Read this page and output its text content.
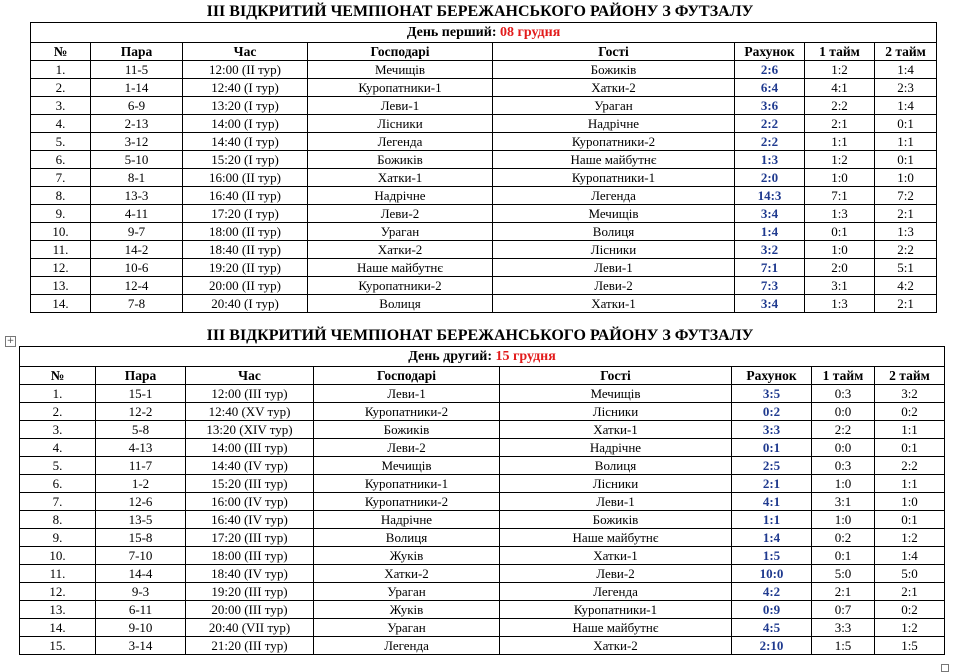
ІІІ ВІДКРИТИЙ ЧЕМПІОНАТ БЕРЕЖАНСЬКОГО РАЙОНУ З ФУТЗАЛУ
День перший: 08 грудня							
№	Пара	Час	Господарі	Гості	Рахунок	1 тайм	2 тайм
1.	11-5	12:00 (II тур)	Мечищів	Божиків	2:6	1:2	1:4
2.	1-14	12:40 (I тур)	Куропатники-1	Хатки-2	6:4	4:1	2:3
3.	6-9	13:20 (I тур)	Леви-1	Ураган	3:6	2:2	1:4
4.	2-13	14:00 (I тур)	Лісники	Надрічне	2:2	2:1	0:1
5.	3-12	14:40 (I тур)	Легенда	Куропатники-2	2:2	1:1	1:1
6.	5-10	15:20 (I тур)	Божиків	Наше майбутнє	1:3	1:2	0:1
7.	8-1	16:00 (II тур)	Хатки-1	Куропатники-1	2:0	1:0	1:0
8.	13-3	16:40 (II тур)	Надрічне	Легенда	14:3	7:1	7:2
9.	4-11	17:20 (I тур)	Леви-2	Мечищів	3:4	1:3	2:1
10.	9-7	18:00 (II тур)	Ураган	Волиця	1:4	0:1	1:3
11.	14-2	18:40 (II тур)	Хатки-2	Лісники	3:2	1:0	2:2
12.	10-6	19:20 (II тур)	Наше майбутнє	Леви-1	7:1	2:0	5:1
13.	12-4	20:00 (II тур)	Куропатники-2	Леви-2	7:3	3:1	4:2
14.	7-8	20:40 (I тур)	Волиця	Хатки-1	3:4	1:3	2:1
+	ІІІ ВІДКРИТИЙ ЧЕМПІОНАТ БЕРЕЖАНСЬКОГО РАЙОНУ З ФУТЗАЛУ
День другий: 15 грудня							
№	Пара	Час	Господарі	Гості	Рахунок	1 тайм	2 тайм
1.	15-1	12:00 (III тур)	Леви-1	Мечищів	3:5	0:3	3:2
2.	12-2	12:40 (XV тур)	Куропатники-2	Лісники	0:2	0:0	0:2
3.	5-8	13:20 (XIV тур)	Божиків	Хатки-1	3:3	2:2	1:1
4.	4-13	14:00 (III тур)	Леви-2	Надрічне	0:1	0:0	0:1
5.	11-7	14:40 (IV тур)	Мечищів	Волиця	2:5	0:3	2:2
6.	1-2	15:20 (III тур)	Куропатники-1	Лісники	2:1	1:0	1:1
7.	12-6	16:00 (IV тур)	Куропатники-2	Леви-1	4:1	3:1	1:0
8.	13-5	16:40 (IV тур)	Надрічне	Божиків	1:1	1:0	0:1
9.	15-8	17:20 (III тур)	Волиця	Наше майбутнє	1:4	0:2	1:2
10.	7-10	18:00 (III тур)	Жуків	Хатки-1	1:5	0:1	1:4
11.	14-4	18:40 (IV тур)	Хатки-2	Леви-2	10:0	5:0	5:0
12.	9-3	19:20 (III тур)	Ураган	Легенда	4:2	2:1	2:1
13.	6-11	20:00 (III тур)	Жуків	Куропатники-1	0:9	0:7	0:2
14.	9-10	20:40 (VII тур)	Ураган	Наше майбутнє	4:5	3:3	1:2
15.	3-14	21:20 (III тур)	Легенда	Хатки-2	2:10	1:5	1:5
